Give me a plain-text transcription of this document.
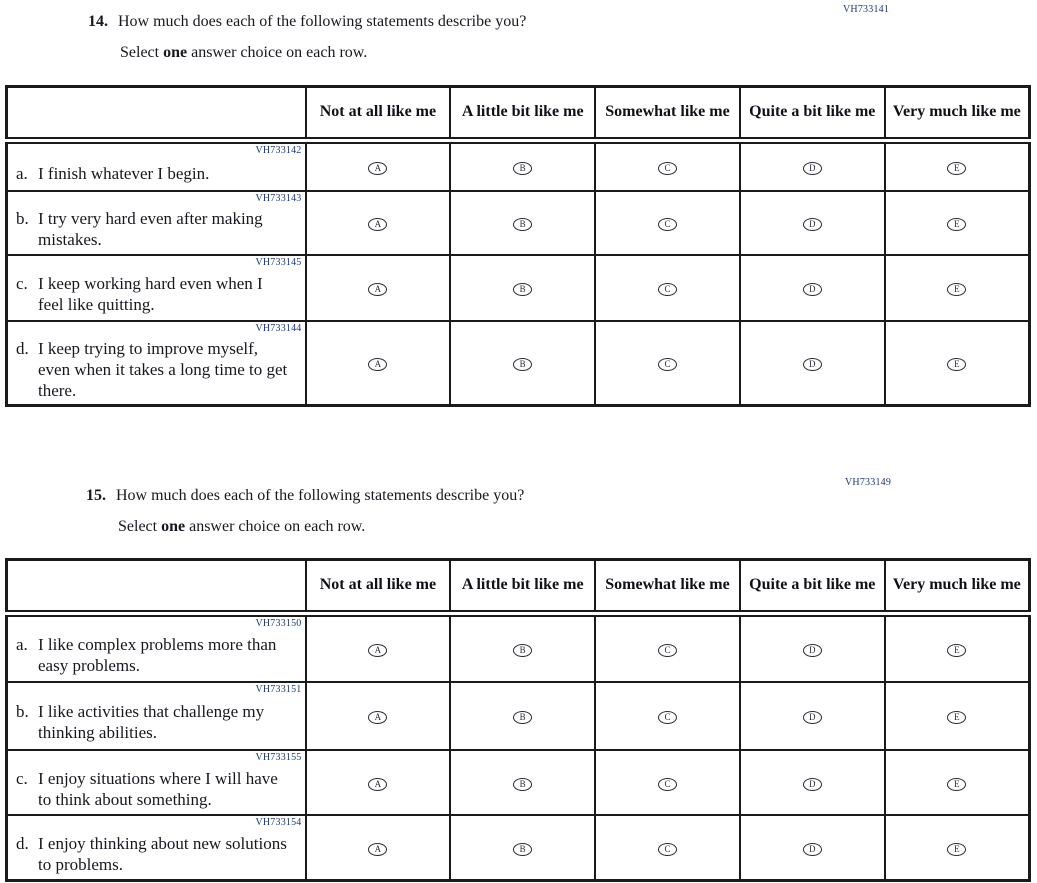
VH733141
14. How much does each of the following statements describe you?
Select one answer choice on each row.
	Not at all like me	A little bit like me	Somewhat like me	Quite a bit like me	Very much like me

VH733142
a. I finish whatever I begin.	A	B	C	D	E

VH733143
b. I try very hard even after making mistakes.	A	B	C	D	E

VH733145
c. I keep working hard even when I feel like quitting.	A	B	C	D	E

VH733144
d. I keep trying to improve myself, even when it takes a long time to get there.	A	B	C	D	E
VH733149
15. How much does each of the following statements describe you?
Select one answer choice on each row.
	Not at all like me	A little bit like me	Somewhat like me	Quite a bit like me	Very much like me

VH733150
a. I like complex problems more than easy problems.	A	B	C	D	E

VH733151
b. I like activities that challenge my thinking abilities.	A	B	C	D	E

VH733155
c. I enjoy situations where I will have to think about something.	A	B	C	D	E

VH733154
d. I enjoy thinking about new solutions to problems.	A	B	C	D	E
